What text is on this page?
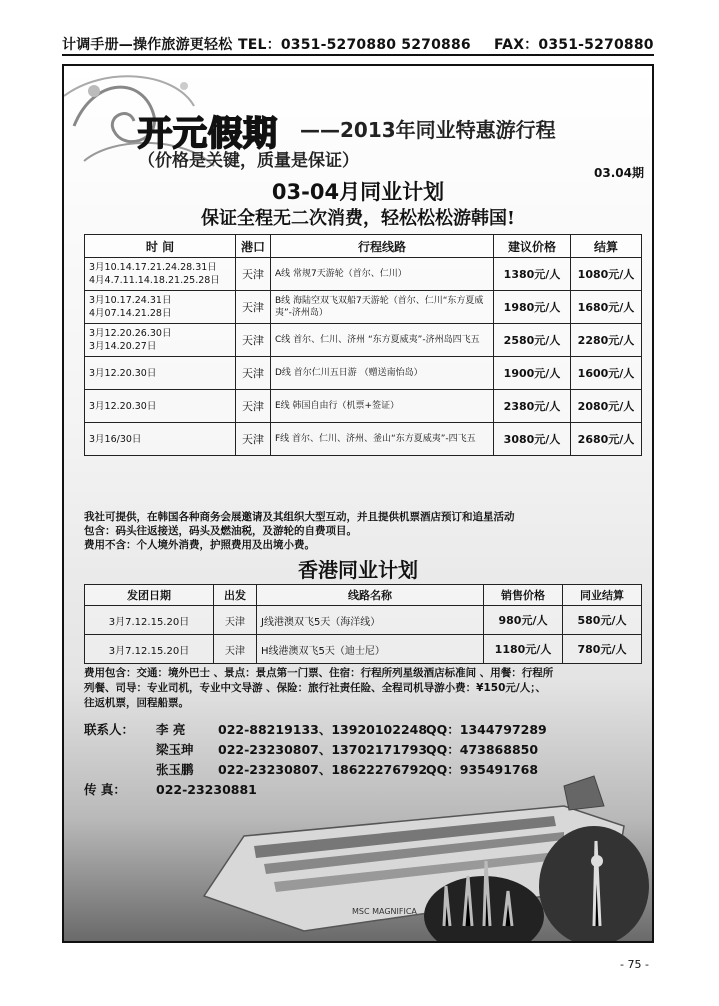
计调手册—操作旅游更轻松 TEL：0351-5270880 5270886 FAX：0351-5270880
开元假期 ——2013年同业特惠游行程
（价格是关键，质量是保证）
03.04期
03-04月同业计划
保证全程无二次消费，轻松松松游韩国!
时 间	港口	行程线路	建议价格	结算

3月10.14.17.21.24.28.31日
4月4.7.11.14.18.21.25.28日	天津	A线 常规7天游轮（首尔、仁川）	1380元/人	1080元/人

3月10.17.24.31日
4月07.14.21.28日	天津	B线 海陆空双飞双船7天游轮（首尔、仁川“东方夏威夷”-济州岛）	1980元/人	1680元/人

3月12.20.26.30日
3月14.20.27日	天津	C线 首尔、仁川、济州 “东方夏威夷”-济州岛四飞五	2580元/人	2280元/人

3月12.20.30日	天津	D线 首尔仁川五日游 （赠送南怡岛）	1900元/人	1600元/人

3月12.20.30日	天津	E线 韩国自由行（机票+签证）	2380元/人	2080元/人

3月16/30日	天津	F线 首尔、仁川、济州、釜山“东方夏威夷”-四飞五	3080元/人	2680元/人
我社可提供，在韩国各种商务会展邀请及其组织大型互动，并且提供机票酒店预订和追星活动
包含：码头往返接送，码头及燃油税，及游轮的自费项目。
费用不含：个人境外消费，护照费用及出境小费。
香港同业计划
发团日期	出发	线路名称	销售价格	同业结算
3月7.12.15.20日	天津	J线港澳双飞5天（海洋线）	980元/人	580元/人
3月7.12.15.20日	天津	H线港澳双飞5天（迪士尼）	1180元/人	780元/人
费用包含：交通：境外巴士 、景点：景点第一门票、住宿：行程所列星级酒店标准间 、用餐：行程所
列餐、司导：专业司机，专业中文导游 、保险：旅行社责任险、全程司机导游小费：¥150元/人；、
往返机票，回程船票。
联系人： 李 亮	022-88219133、13920102248
QQ：1344797289
梁玉珅 022-23230807、13702171793
QQ：473868850
张玉鹏 022-23230807、18622276792
QQ：935491768
传 真： 022-23230881
MSC MAGNIFICA
- 75 -
